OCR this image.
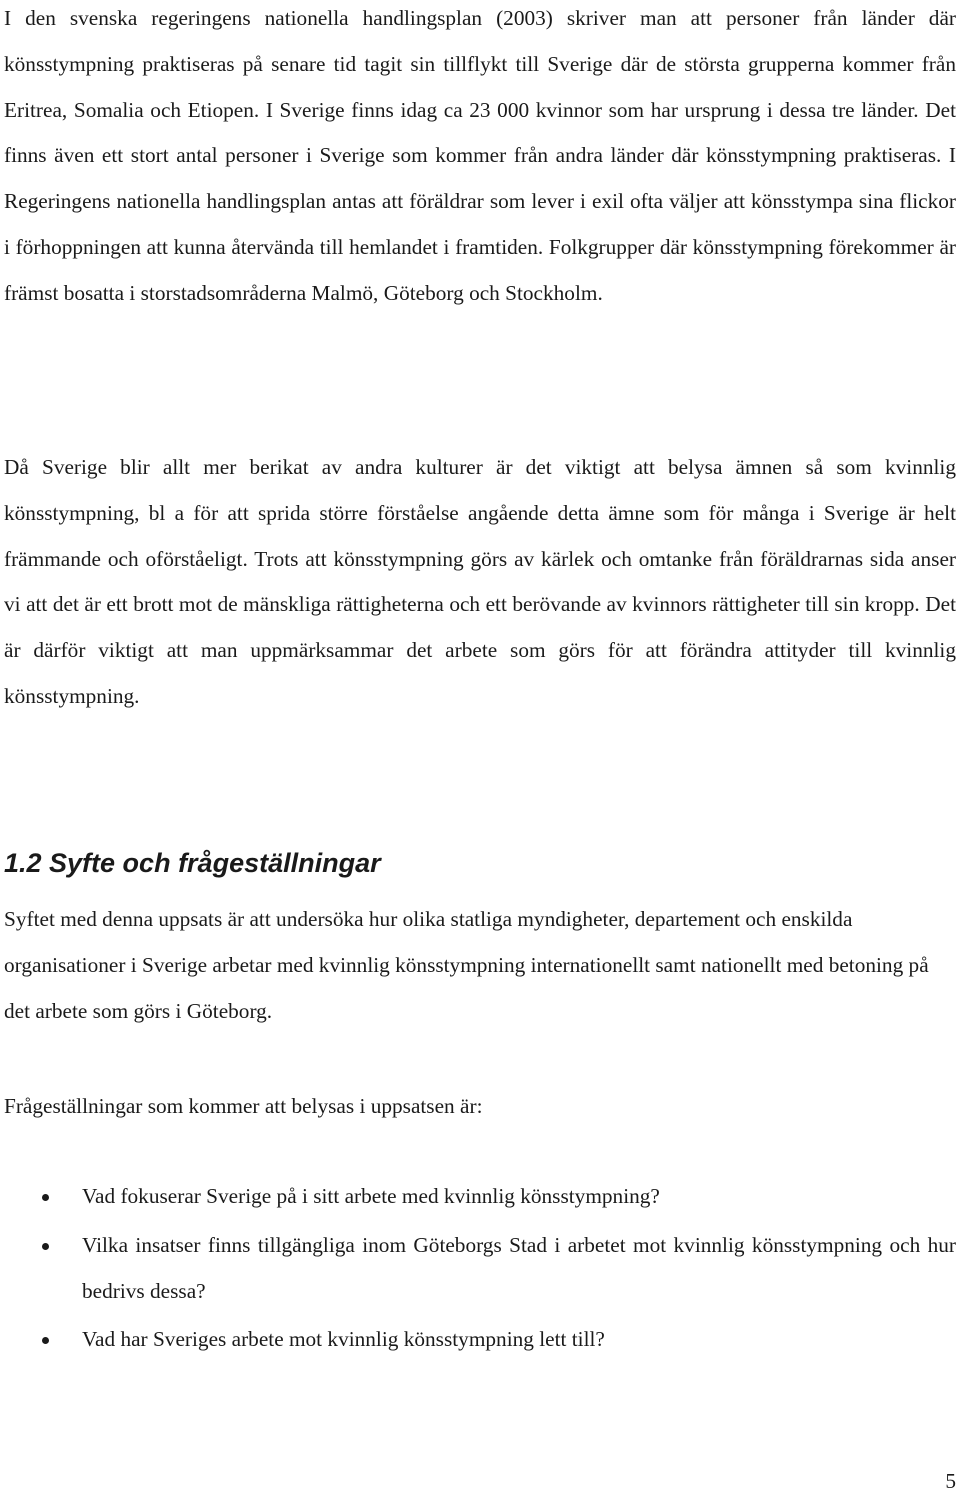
I den svenska regeringens nationella handlingsplan (2003) skriver man att personer från länder där könsstympning praktiseras på senare tid tagit sin tillflykt till Sverige där de största grupperna kommer från Eritrea, Somalia och Etiopen. I Sverige finns idag ca 23 000 kvinnor som har ursprung i dessa tre länder. Det finns även ett stort antal personer i Sverige som kommer från andra länder där könsstympning praktiseras. I Regeringens nationella handlingsplan antas att föräldrar som lever i exil ofta väljer att könsstympa sina flickor i förhoppningen att kunna återvända till hemlandet i framtiden. Folkgrupper där könsstympning förekommer är främst bosatta i storstadsområderna Malmö, Göteborg och Stockholm.

Då Sverige blir allt mer berikat av andra kulturer är det viktigt att belysa ämnen så som kvinnlig könsstympning, bl a för att sprida större förståelse angående detta ämne som för många i Sverige är helt främmande och oförståeligt. Trots att könsstympning görs av kärlek och omtanke från föräldrarnas sida anser vi att det är ett brott mot de mänskliga rättigheterna och ett berövande av kvinnors rättigheter till sin kropp. Det är därför viktigt att man uppmärksammar det arbete som görs för att förändra attityder till kvinnlig könsstympning.

1.2 Syfte och frågeställningar

Syftet med denna uppsats är att undersöka hur olika statliga myndigheter, departement och enskilda organisationer i Sverige arbetar med kvinnlig könsstympning internationellt samt nationellt med betoning på det arbete som görs i Göteborg.

Frågeställningar som kommer att belysas i uppsatsen är:

Vad fokuserar Sverige på i sitt arbete med kvinnlig könsstympning?
Vilka insatser finns tillgängliga inom Göteborgs Stad i arbetet mot kvinnlig könsstympning och hur bedrivs dessa?
Vad har Sveriges arbete mot kvinnlig könsstympning lett till?

5
